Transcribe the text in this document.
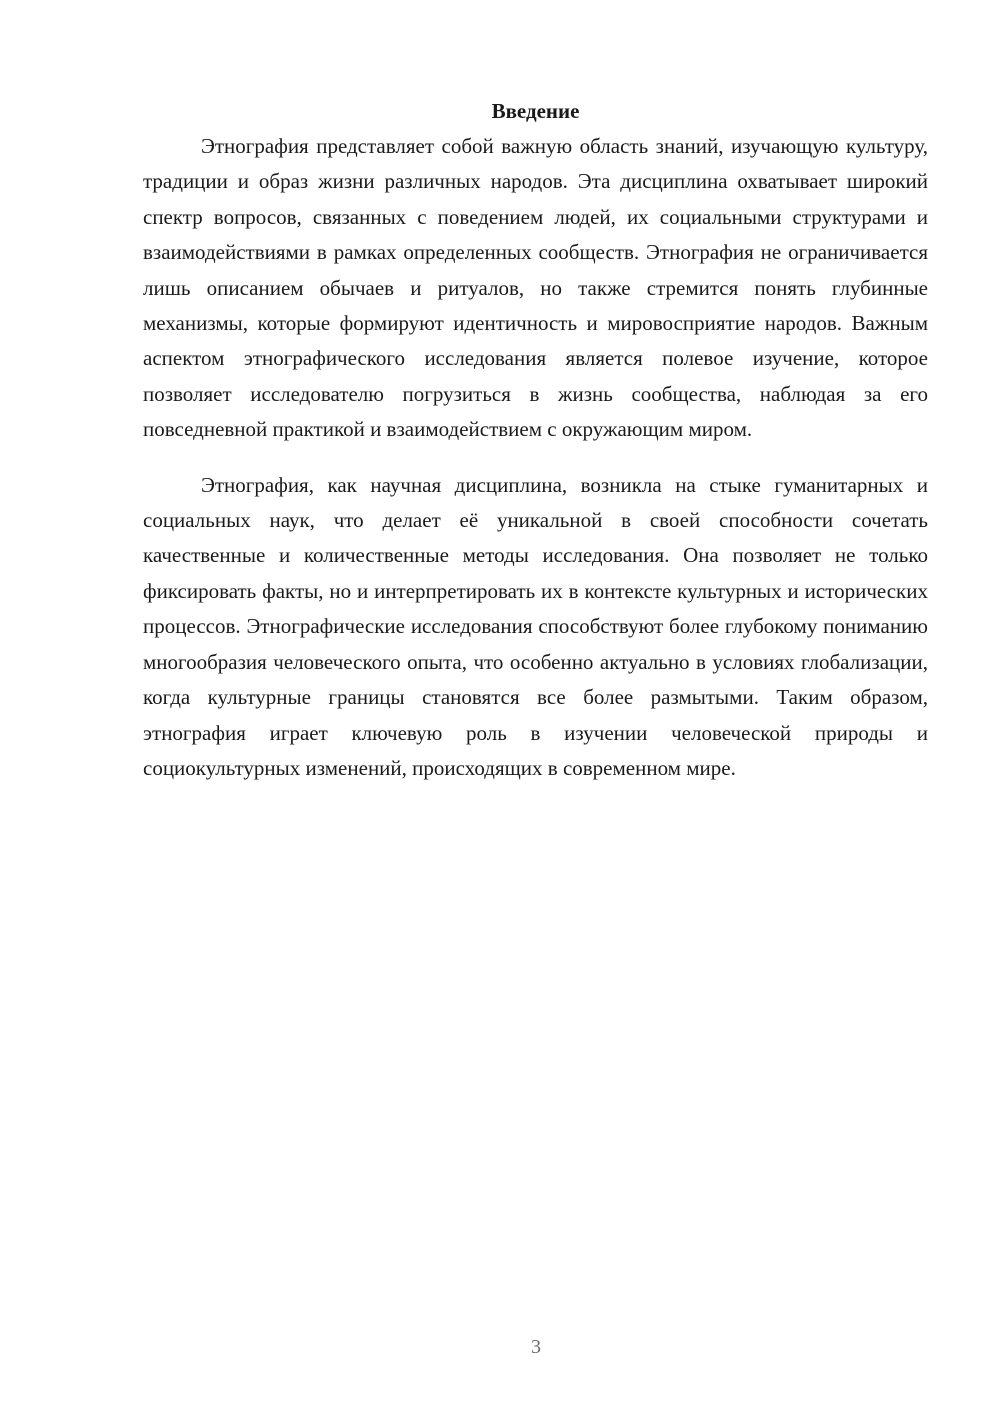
Введение

Этнография представляет собой важную область знаний, изучающую культуру, традиции и образ жизни различных народов. Эта дисциплина охватывает широкий спектр вопросов, связанных с поведением людей, их социальными структурами и взаимодействиями в рамках определенных сообществ. Этнография не ограничивается лишь описанием обычаев и ритуалов, но также стремится понять глубинные механизмы, которые формируют идентичность и мировосприятие народов. Важным аспектом этнографического исследования является полевое изучение, которое позволяет исследователю погрузиться в жизнь сообщества, наблюдая за его повседневной практикой и взаимодействием с окружающим миром.

Этнография, как научная дисциплина, возникла на стыке гуманитарных и социальных наук, что делает её уникальной в своей способности сочетать качественные и количественные методы исследования. Она позволяет не только фиксировать факты, но и интерпретировать их в контексте культурных и исторических процессов. Этнографические исследования способствуют более глубокому пониманию многообразия человеческого опыта, что особенно актуально в условиях глобализации, когда культурные границы становятся все более размытыми. Таким образом, этнография играет ключевую роль в изучении человеческой природы и социокультурных изменений, происходящих в современном мире.

3
